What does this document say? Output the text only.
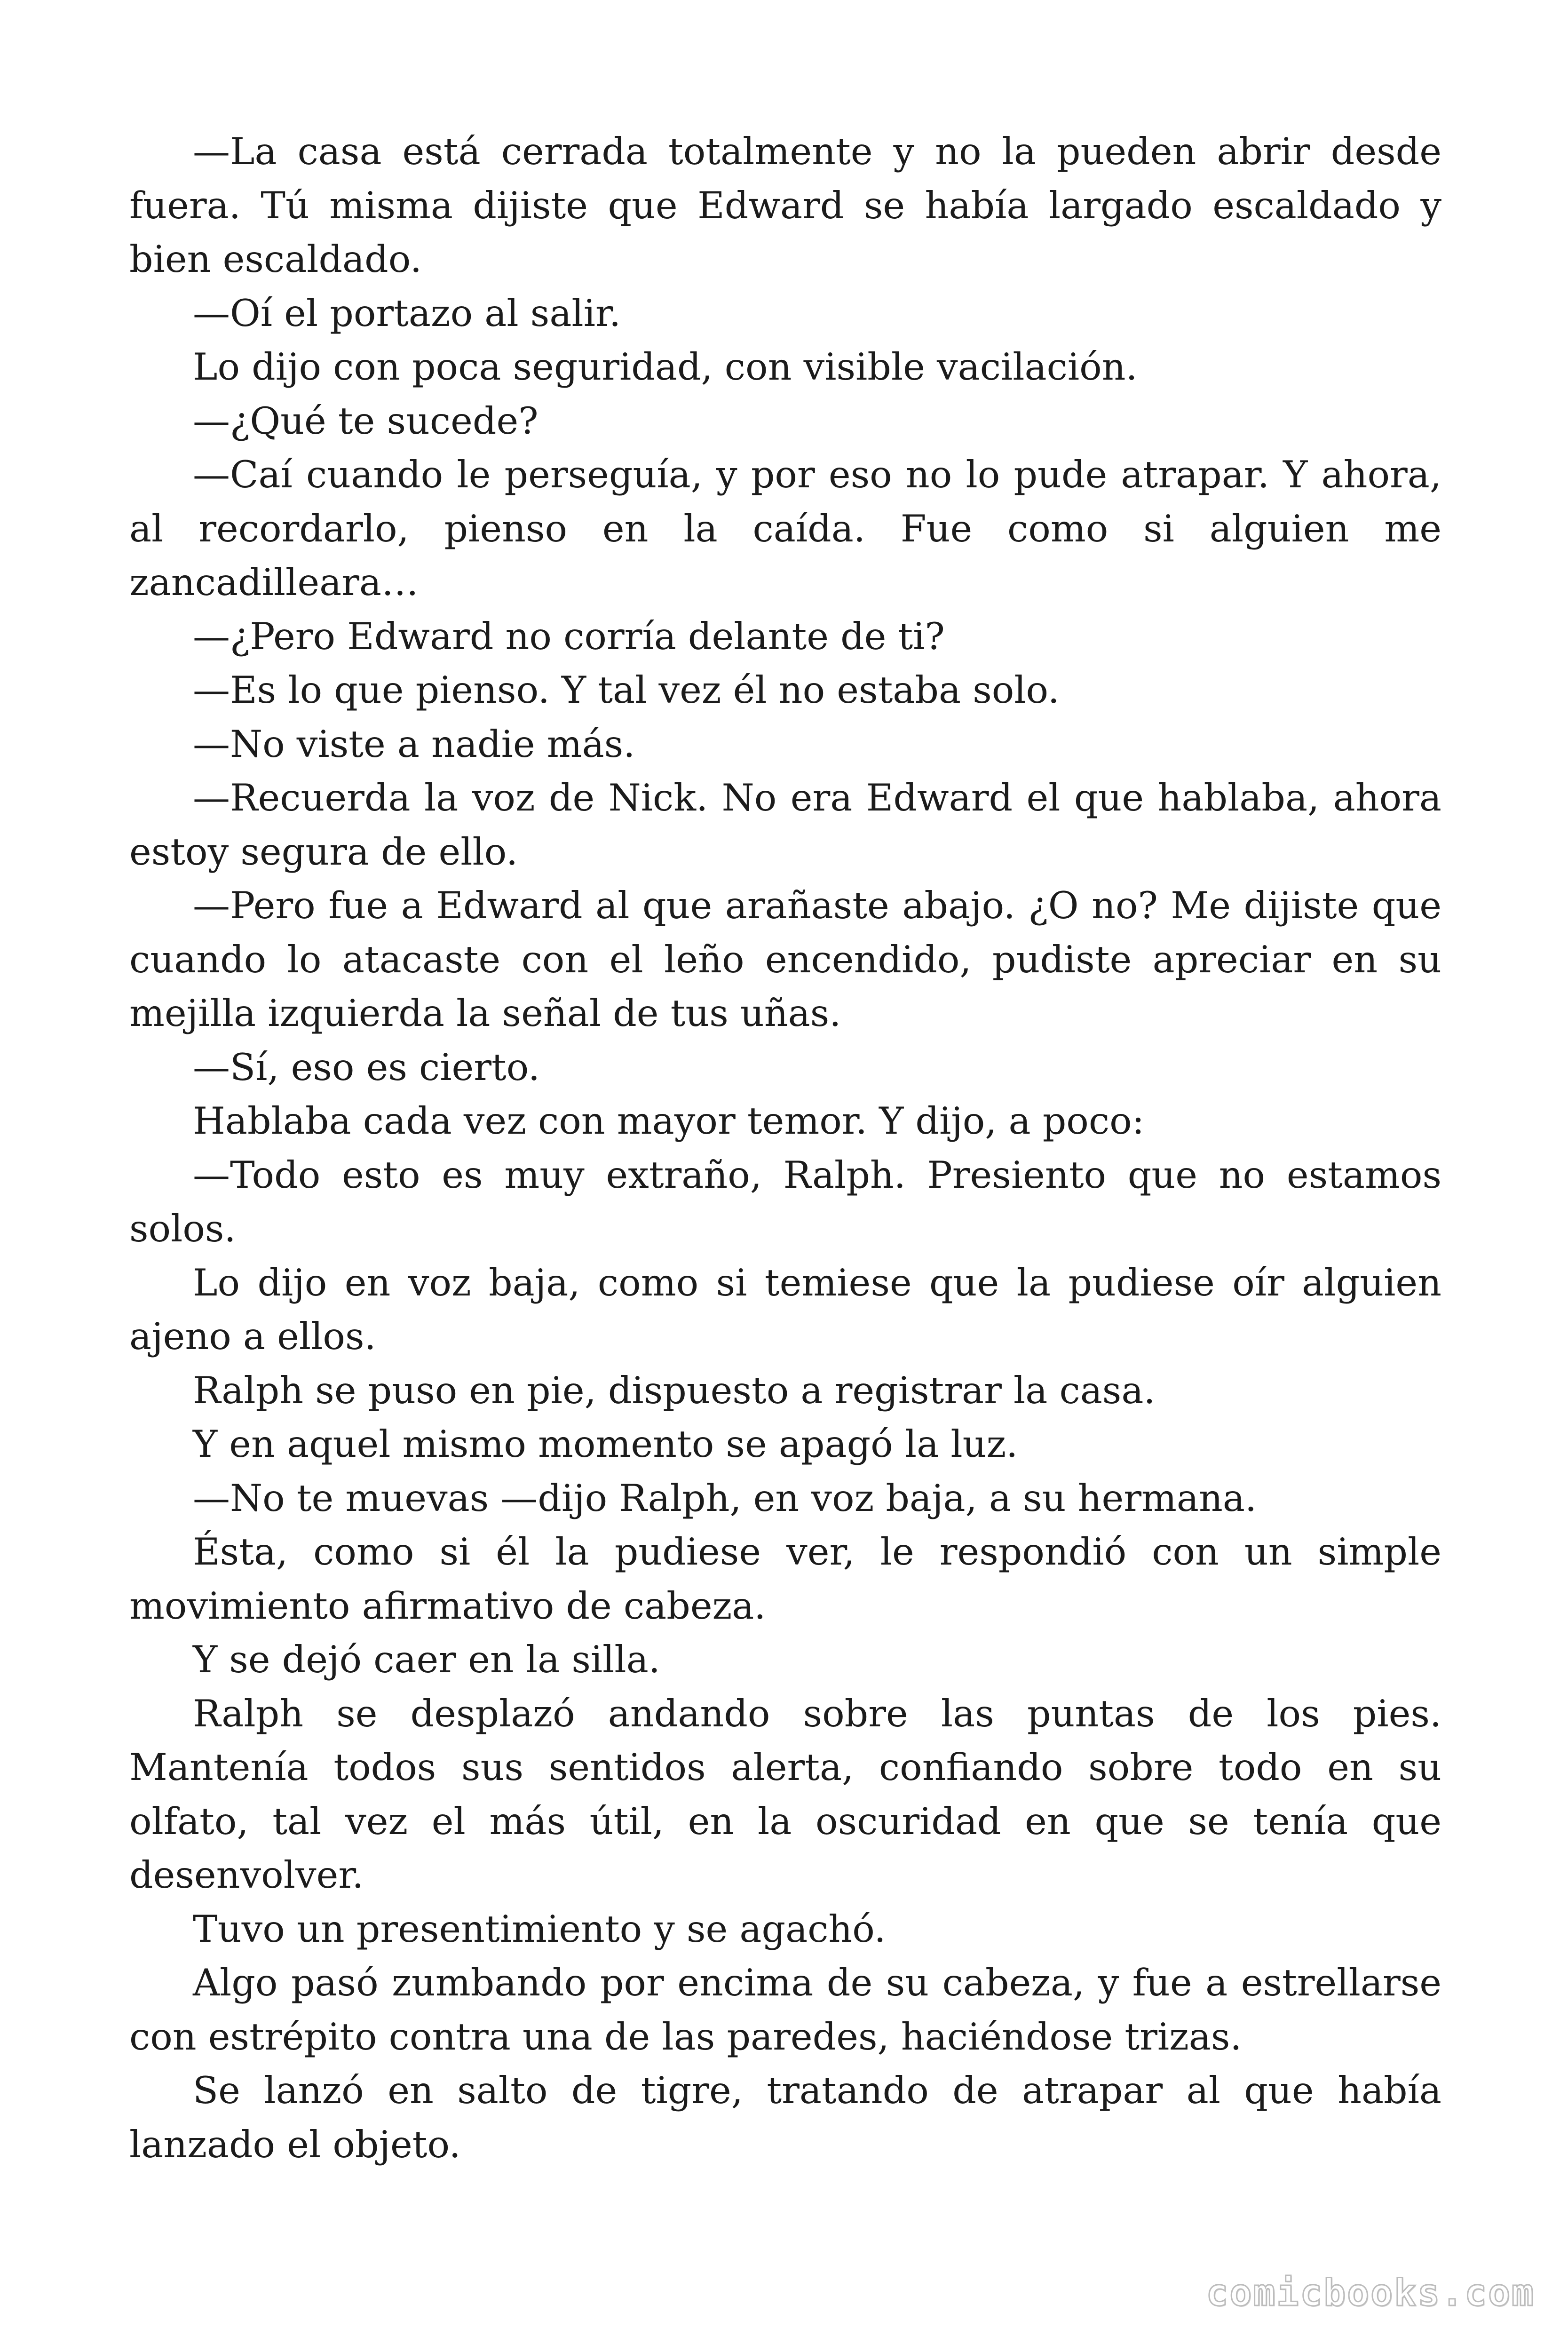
—La casa está cerrada totalmente y no la pueden abrir desde fuera. Tú misma dijiste que Edward se había largado escaldado y bien escaldado.

—Oí el portazo al salir.

Lo dijo con poca seguridad, con visible vacilación.

—¿Qué te sucede?

—Caí cuando le perseguía, y por eso no lo pude atrapar. Y ahora, al recordarlo, pienso en la caída. Fue como si alguien me zancadilleara…

—¿Pero Edward no corría delante de ti?

—Es lo que pienso. Y tal vez él no estaba solo.

—No viste a nadie más.

—Recuerda la voz de Nick. No era Edward el que hablaba, ahora estoy segura de ello.

—Pero fue a Edward al que arañaste abajo. ¿O no? Me dijiste que cuando lo atacaste con el leño encendido, pudiste apreciar en su mejilla izquierda la señal de tus uñas.

—Sí, eso es cierto.

Hablaba cada vez con mayor temor. Y dijo, a poco:

—Todo esto es muy extraño, Ralph. Presiento que no estamos solos.

Lo dijo en voz baja, como si temiese que la pudiese oír alguien ajeno a ellos.

Ralph se puso en pie, dispuesto a registrar la casa.

Y en aquel mismo momento se apagó la luz.

—No te muevas —dijo Ralph, en voz baja, a su hermana.

Ésta, como si él la pudiese ver, le respondió con un simple movimiento afirmativo de cabeza.

Y se dejó caer en la silla.

Ralph se desplazó andando sobre las puntas de los pies. Mantenía todos sus sentidos alerta, confiando sobre todo en su olfato, tal vez el más útil, en la oscuridad en que se tenía que desenvolver.

Tuvo un presentimiento y se agachó.

Algo pasó zumbando por encima de su cabeza, y fue a estrellarse con estrépito contra una de las paredes, haciéndose trizas.

Se lanzó en salto de tigre, tratando de atrapar al que había lanzado el objeto.

comicbooks.com
